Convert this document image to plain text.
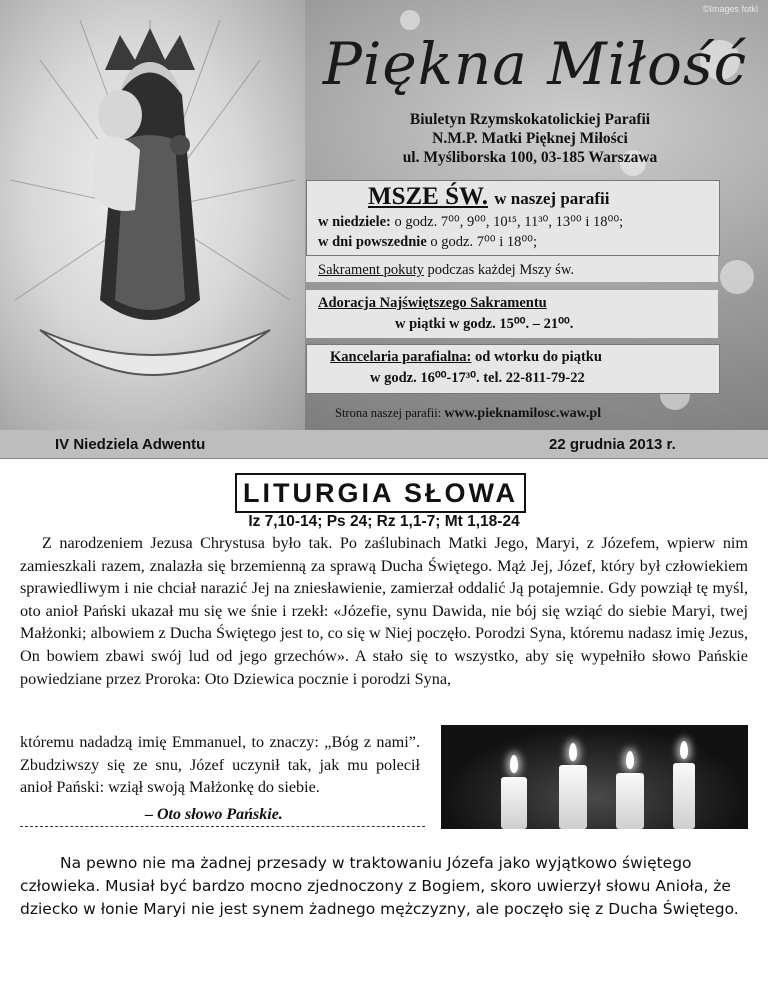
©Images fotki
Piękna Miłość
Biuletyn Rzymskokatolickiej Parafii
N.M.P. Matki Pięknej Miłości
ul. Myśliborska 100, 03-185 Warszawa
MSZE ŚW. w naszej parafii
w niedziele: o godz. 7⁰⁰, 9⁰⁰, 10¹⁵, 11³⁰, 13⁰⁰ i 18⁰⁰;
w dni powszednie o godz. 7⁰⁰ i 18⁰⁰;
Sakrament pokuty podczas każdej Mszy św.
Adoracja Najświętszego Sakramentu
w piątki w godz. 15⁰⁰. – 21⁰⁰.
Kancelaria parafialna: od wtorku do piątku
w godz. 16⁰⁰-17³⁰. tel. 22-811-79-22
Strona naszej parafii: www.pieknamilosc.waw.pl
IV Niedziela Adwentu	22 grudnia 2013 r.
LITURGIA SŁOWA
Iz 7,10-14; Ps 24; Rz 1,1-7; Mt 1,18-24
Z narodzeniem Jezusa Chrystusa było tak. Po zaślubinach Matki Jego, Maryi, z Józefem, wpierw nim zamieszkali razem, znalazła się brzemienną za sprawą Ducha Świętego. Mąż Jej, Józef, który był człowiekiem sprawiedliwym i nie chciał narazić Jej na zniesławienie, zamierzał oddalić Ją potajemnie. Gdy powziął tę myśl, oto anioł Pański ukazał mu się we śnie i rzekł: «Józefie, synu Dawida, nie bój się wziąć do siebie Maryi, twej Małżonki; albowiem z Ducha Świętego jest to, co się w Niej poczęło. Porodzi Syna, któremu nadasz imię Jezus, On bowiem zbawi swój lud od jego grzechów». A stało się to wszystko, aby się wypełniło słowo Pańskie powiedziane przez Proroka: Oto Dziewica pocznie i porodzi Syna,
któremu nadadzą imię Emmanuel, to znaczy: „Bóg z nami”. Zbudziwszy się ze snu, Józef uczynił tak, jak mu polecił anioł Pański: wziął swoją Małżonkę do siebie.
– Oto słowo Pańskie.
Na pewno nie ma żadnej przesady w traktowaniu Józefa jako wyjątkowo świętego człowieka. Musiał być bardzo mocno zjednoczony z Bogiem, skoro uwierzył słowu Anioła, że dziecko w łonie Maryi nie jest synem żadnego mężczyzny, ale poczęło się z Ducha Świętego.
